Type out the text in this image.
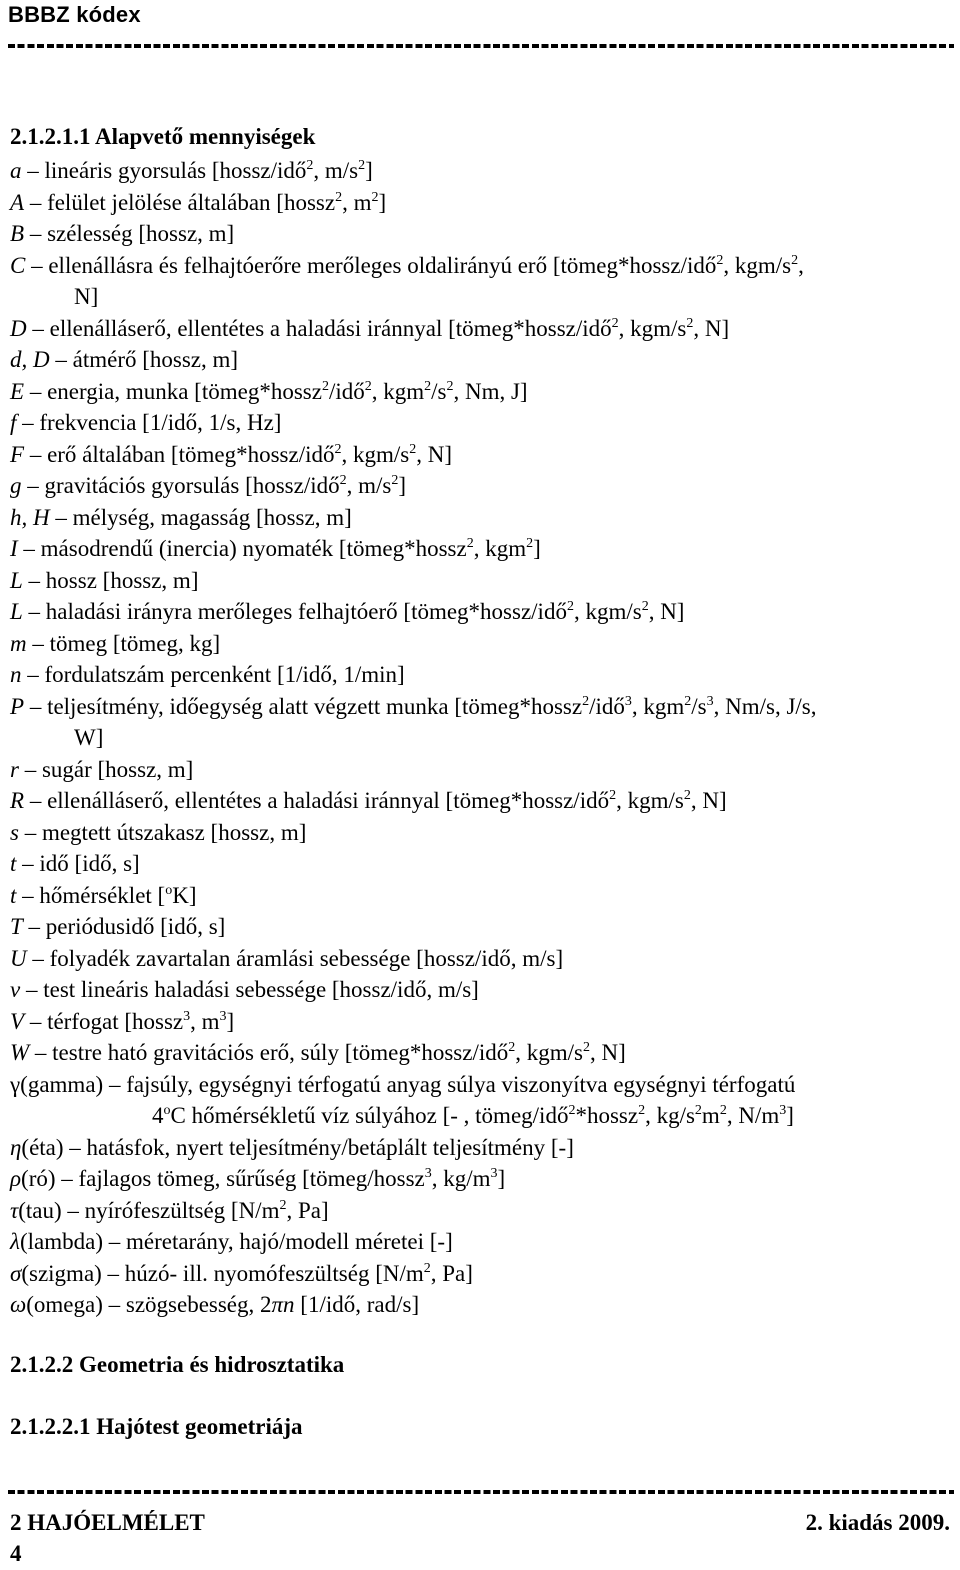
BBBZ kódex
2.1.2.1.1 Alapvető mennyiségek
a – lineáris gyorsulás [hossz/idő$^2$, $m/s^2$]
A – felület jelölése általában [hossz$^2$, $m^2$]
B – szélesség [hossz, m]
C – ellenállásra és felhajtóerőre merőleges oldalirányú erő [tömeg*hossz/idő$^2$, kgm/$s^2$,
N]
D – ellenálláserő, ellentétes a haladási iránnyal [tömeg*hossz/idő$^2$, kgm/$s^2$, N]
d, D – átmérő [hossz, m]
E – energia, munka [tömeg*hossz$^2$/idő$^2$, $kgm^2/s^2$, Nm, J]
f – frekvencia [1/idő, 1/s, Hz]
F – erő általában [tömeg*hossz/idő$^2$, kgm/$s^2$, N]
g – gravitációs gyorsulás [hossz/idő$^2$, $m/s^2$]
h, H – mélység, magasság [hossz, m]
I – másodrendű (inercia) nyomaték [tömeg*hossz$^2$, kgm$^2$]
L – hossz [hossz, m]
L – haladási irányra merőleges felhajtóerő [tömeg*hossz/idő$^2$, kgm/$s^2$, N]
m – tömeg [tömeg, kg]
n – fordulatszám percenként [1/idő, 1/min]
P – teljesítmény, időegység alatt végzett munka [tömeg*hossz$^2$/idő$^3$, $kgm^2/s^3$, Nm/s, J/s,
W]
r – sugár [hossz, m]
R – ellenálláserő, ellentétes a haladási iránnyal [tömeg*hossz/idő$^2$, kgm/$s^2$, N]
s – megtett útszakasz [hossz, m]
t – idő [idő, s]
t – hőmérséklet [$^o$K]
T – periódusidő [idő, s]
U – folyadék zavartalan áramlási sebessége [hossz/idő, m/s]
v – test lineáris haladási sebessége [hossz/idő, m/s]
V – térfogat [hossz$^3$, $m^3$]
W – testre ható gravitációs erő, súly [tömeg*hossz/idő$^2$, kgm/$s^2$, N]
γ(gamma) – fajsúly, egységnyi térfogatú anyag súlya viszonyítva egységnyi térfogatú
4$^o$C hőmérsékletű víz súlyához [- , tömeg/idő$^2$*hossz$^2$, $kg/s^2m^2$, $N/m^3$]
η(éta) – hatásfok, nyert teljesítmény/betáplált teljesítmény [-]
ρ(ró) – fajlagos tömeg, sűrűség [tömeg/hossz$^3$, $kg/m^3$]
τ(tau) – nyírófeszültség [$N/m^2$, Pa]
λ(lambda) – méretarány, hajó/modell méretei [-]
σ(szigma) – húzó- ill. nyomófeszültség [$N/m^2$, Pa]
ω(omega) – szögsebesség, 2πn [1/idő, rad/s]
2.1.2.2 Geometria és hidrosztatika
2.1.2.2.1 Hajótest geometriája
2 HAJÓELMÉLET	2. kiadás 2009.
4
